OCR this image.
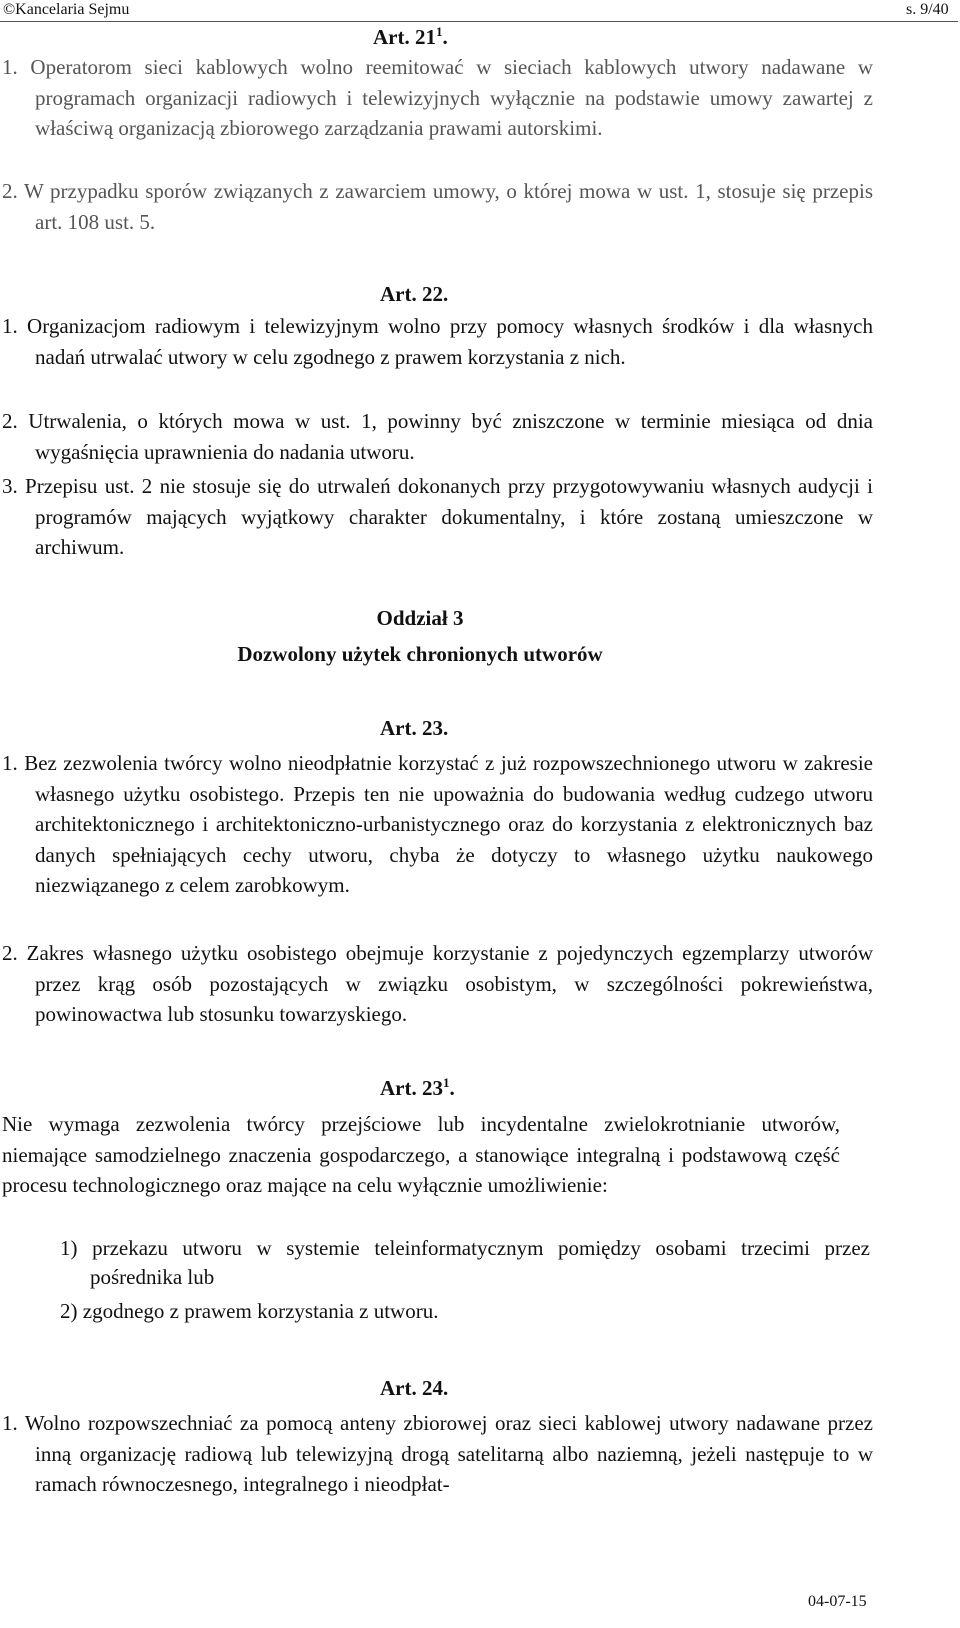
©Kancelaria Sejmu	s. 9/40
Art. $21^1$.
1. Operatorom sieci kablowych wolno reemitować w sieciach kablowych utwory nadawane w programach organizacji radiowych i telewizyjnych wyłącznie na podstawie umowy zawartej z właściwą organizacją zbiorowego zarządzania prawami autorskimi.
2. W przypadku sporów związanych z zawarciem umowy, o której mowa w ust. 1, stosuje się przepis art. 108 ust. 5.
Art. 22.
1. Organizacjom radiowym i telewizyjnym wolno przy pomocy własnych środków i dla własnych nadań utrwalać utwory w celu zgodnego z prawem korzystania z nich.
2. Utrwalenia, o których mowa w ust. 1, powinny być zniszczone w terminie miesiąca od dnia wygaśnięcia uprawnienia do nadania utworu.
3. Przepisu ust. 2 nie stosuje się do utrwaleń dokonanych przy przygotowywaniu własnych audycji i programów mających wyjątkowy charakter dokumentalny, i które zostaną umieszczone w archiwum.
Oddział 3
Dozwolony użytek chronionych utworów
Art. 23.
1. Bez zezwolenia twórcy wolno nieodpłatnie korzystać z już rozpowszechnionego utworu w zakresie własnego użytku osobistego. Przepis ten nie upoważnia do budowania według cudzego utworu architektonicznego i architektoniczno-urbanistycznego oraz do korzystania z elektronicznych baz danych spełniających cechy utworu, chyba że dotyczy to własnego użytku naukowego niezwiązanego z celem zarobkowym.
2. Zakres własnego użytku osobistego obejmuje korzystanie z pojedynczych egzemplarzy utworów przez krąg osób pozostających w związku osobistym, w szczególności pokrewieństwa, powinowactwa lub stosunku towarzyskiego.
Art. $23^1$.
Nie wymaga zezwolenia twórcy przejściowe lub incydentalne zwielokrotnianie utworów, niemające samodzielnego znaczenia gospodarczego, a stanowiące integralną i podstawową część procesu technologicznego oraz mające na celu wyłącznie umożliwienie:
1) przekazu utworu w systemie teleinformatycznym pomiędzy osobami trzecimi przez pośrednika lub
2) zgodnego z prawem korzystania z utworu.
Art. 24.
1. Wolno rozpowszechniać za pomocą anteny zbiorowej oraz sieci kablowej utwory nadawane przez inną organizację radiową lub telewizyjną drogą satelitarną albo naziemną, jeżeli następuje to w ramach równoczesnego, integralnego i nieodpłat-
04-07-15
